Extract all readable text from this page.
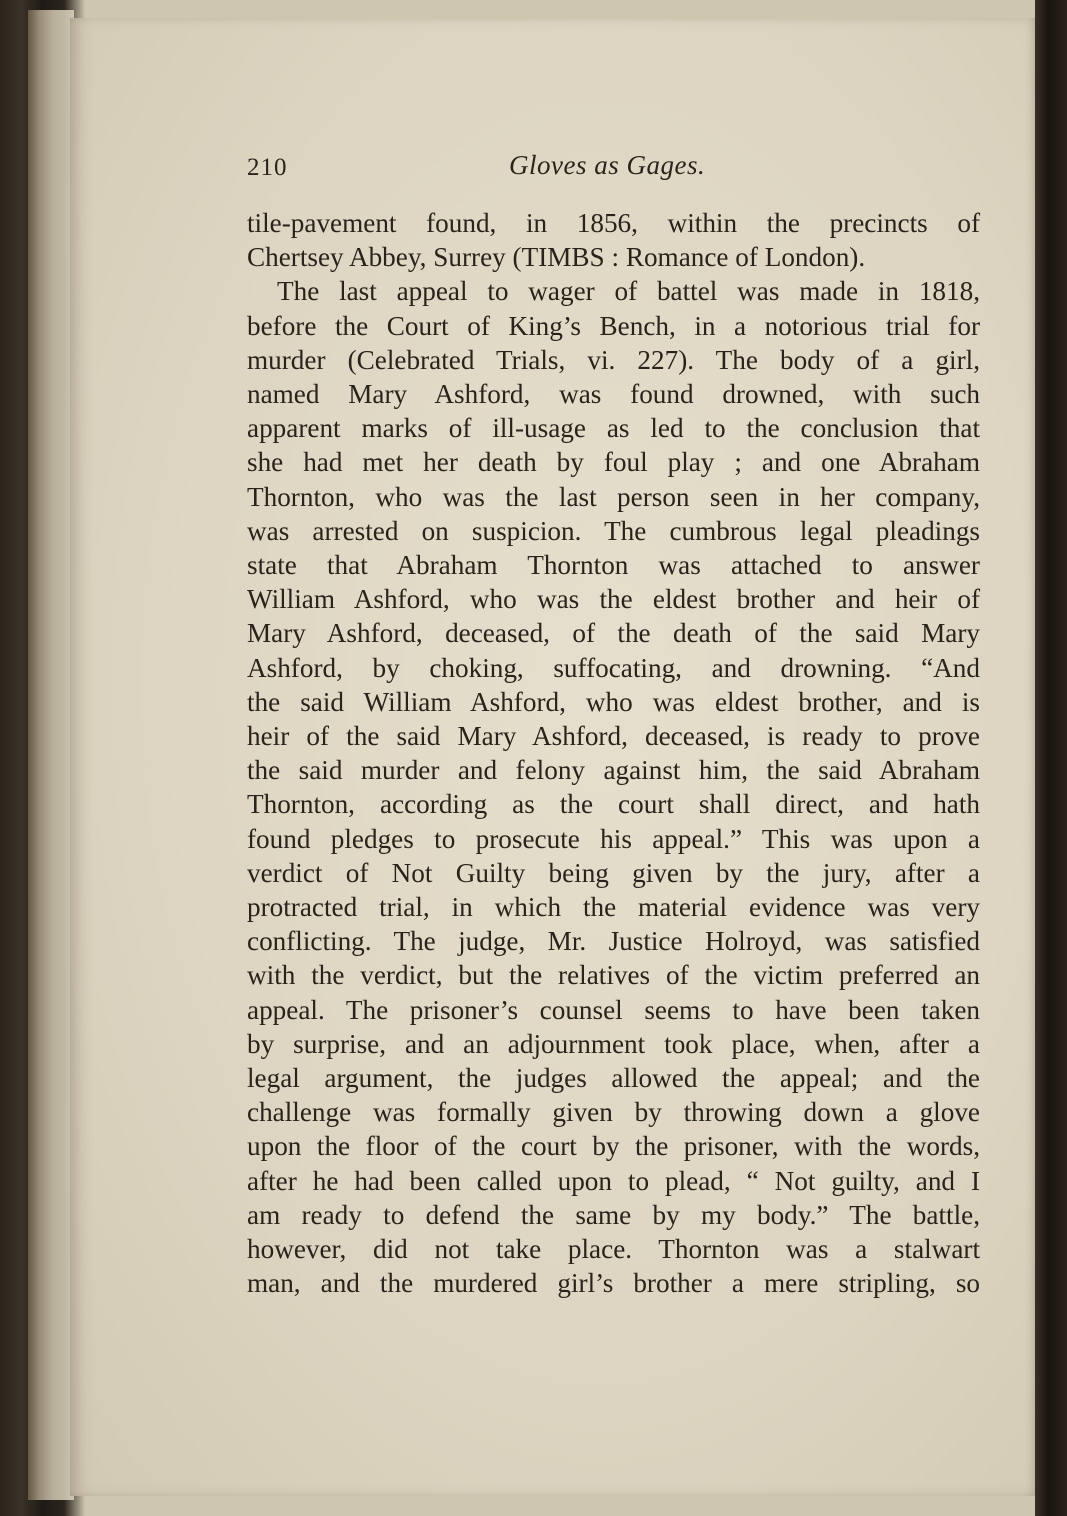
210	Gloves as Gages.
tile-pavement found, in 1856, within the precincts of
Chertsey Abbey, Surrey (TIMBS : Romance of London).
The last appeal to wager of battel was made in 1818,
before the Court of King’s Bench, in a notorious trial for
murder (Celebrated Trials, vi. 227). The body of a girl,
named Mary Ashford, was found drowned, with such
apparent marks of ill-usage as led to the conclusion that
she had met her death by foul play ; and one Abraham
Thornton, who was the last person seen in her company,
was arrested on suspicion. The cumbrous legal pleadings
state that Abraham Thornton was attached to answer
William Ashford, who was the eldest brother and heir of
Mary Ashford, deceased, of the death of the said Mary
Ashford, by choking, suffocating, and drowning. “And
the said William Ashford, who was eldest brother, and is
heir of the said Mary Ashford, deceased, is ready to prove
the said murder and felony against him, the said Abraham
Thornton, according as the court shall direct, and hath
found pledges to prosecute his appeal.” This was upon a
verdict of Not Guilty being given by the jury, after a
protracted trial, in which the material evidence was very
conflicting. The judge, Mr. Justice Holroyd, was satisfied
with the verdict, but the relatives of the victim preferred an
appeal. The prisoner’s counsel seems to have been taken
by surprise, and an adjournment took place, when, after a
legal argument, the judges allowed the appeal; and the
challenge was formally given by throwing down a glove
upon the floor of the court by the prisoner, with the words,
after he had been called upon to plead, “ Not guilty, and I
am ready to defend the same by my body.” The battle,
however, did not take place. Thornton was a stalwart
man, and the murdered girl’s brother a mere stripling, so
